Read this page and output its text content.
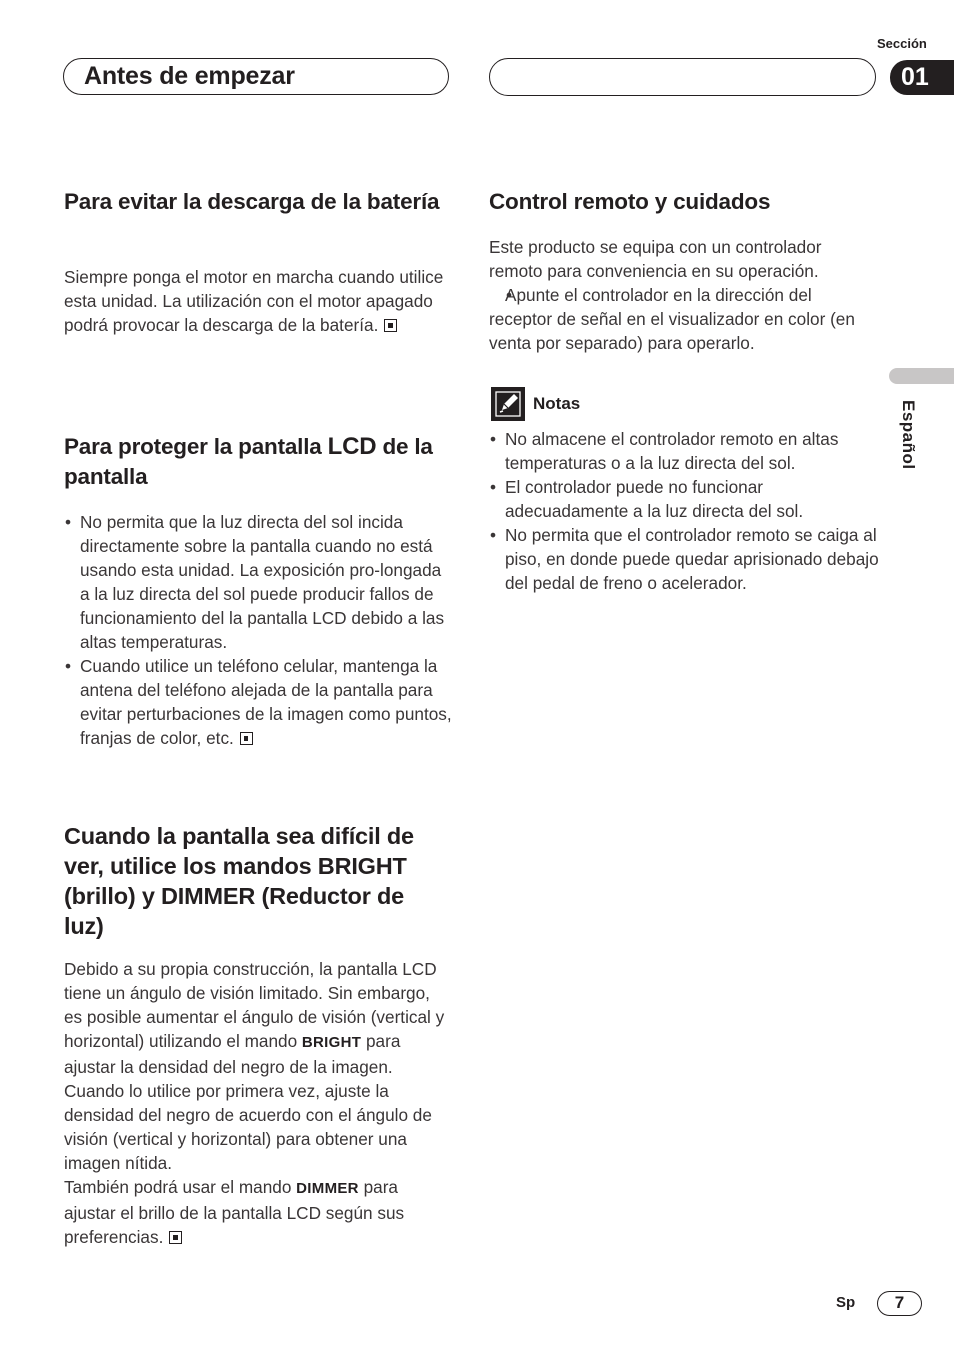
Sección
Antes de empezar	01
Español
Para evitar la descarga de la batería

Siempre ponga el motor en marcha cuando utilice esta unidad. La utilización con el motor apagado podrá provocar la descarga de la batería.

Para proteger la pantalla LCD de la pantalla
• No permita que la luz directa del sol incida directamente sobre la pantalla cuando no está usando esta unidad. La exposición pro-longada a la luz directa del sol puede producir fallos de funcionamiento del la pantalla LCD debido a las altas temperaturas.
• Cuando utilice un teléfono celular, mantenga la antena del teléfono alejada de la pantalla para evitar perturbaciones de la imagen como puntos, franjas de color, etc.
Cuando la pantalla sea difícil de ver, utilice los mandos BRIGHT (brillo) y DIMMER (Reductor de luz)

Debido a su propia construcción, la pantalla LCD tiene un ángulo de visión limitado. Sin embargo, es posible aumentar el ángulo de visión (vertical y horizontal) utilizando el mando BRIGHT para ajustar la densidad del negro de la imagen. Cuando lo utilice por primera vez, ajuste la densidad del negro de acuerdo con el ángulo de visión (vertical y horizontal) para obtener una imagen nítida.
También podrá usar el mando DIMMER para ajustar el brillo de la pantalla LCD según sus preferencias.

Control remoto y cuidados

Este producto se equipa con un controlador remoto para conveniencia en su operación.

• Apunte el controlador en la dirección del receptor de señal en el visualizador en color (en venta por separado) para operarlo.
Notas
• No almacene el controlador remoto en altas temperaturas o a la luz directa del sol.
• El controlador puede no funcionar adecuadamente a la luz directa del sol.
• No permita que el controlador remoto se caiga al piso, en donde puede quedar aprisionado debajo del pedal de freno o acelerador.
Sp	7
